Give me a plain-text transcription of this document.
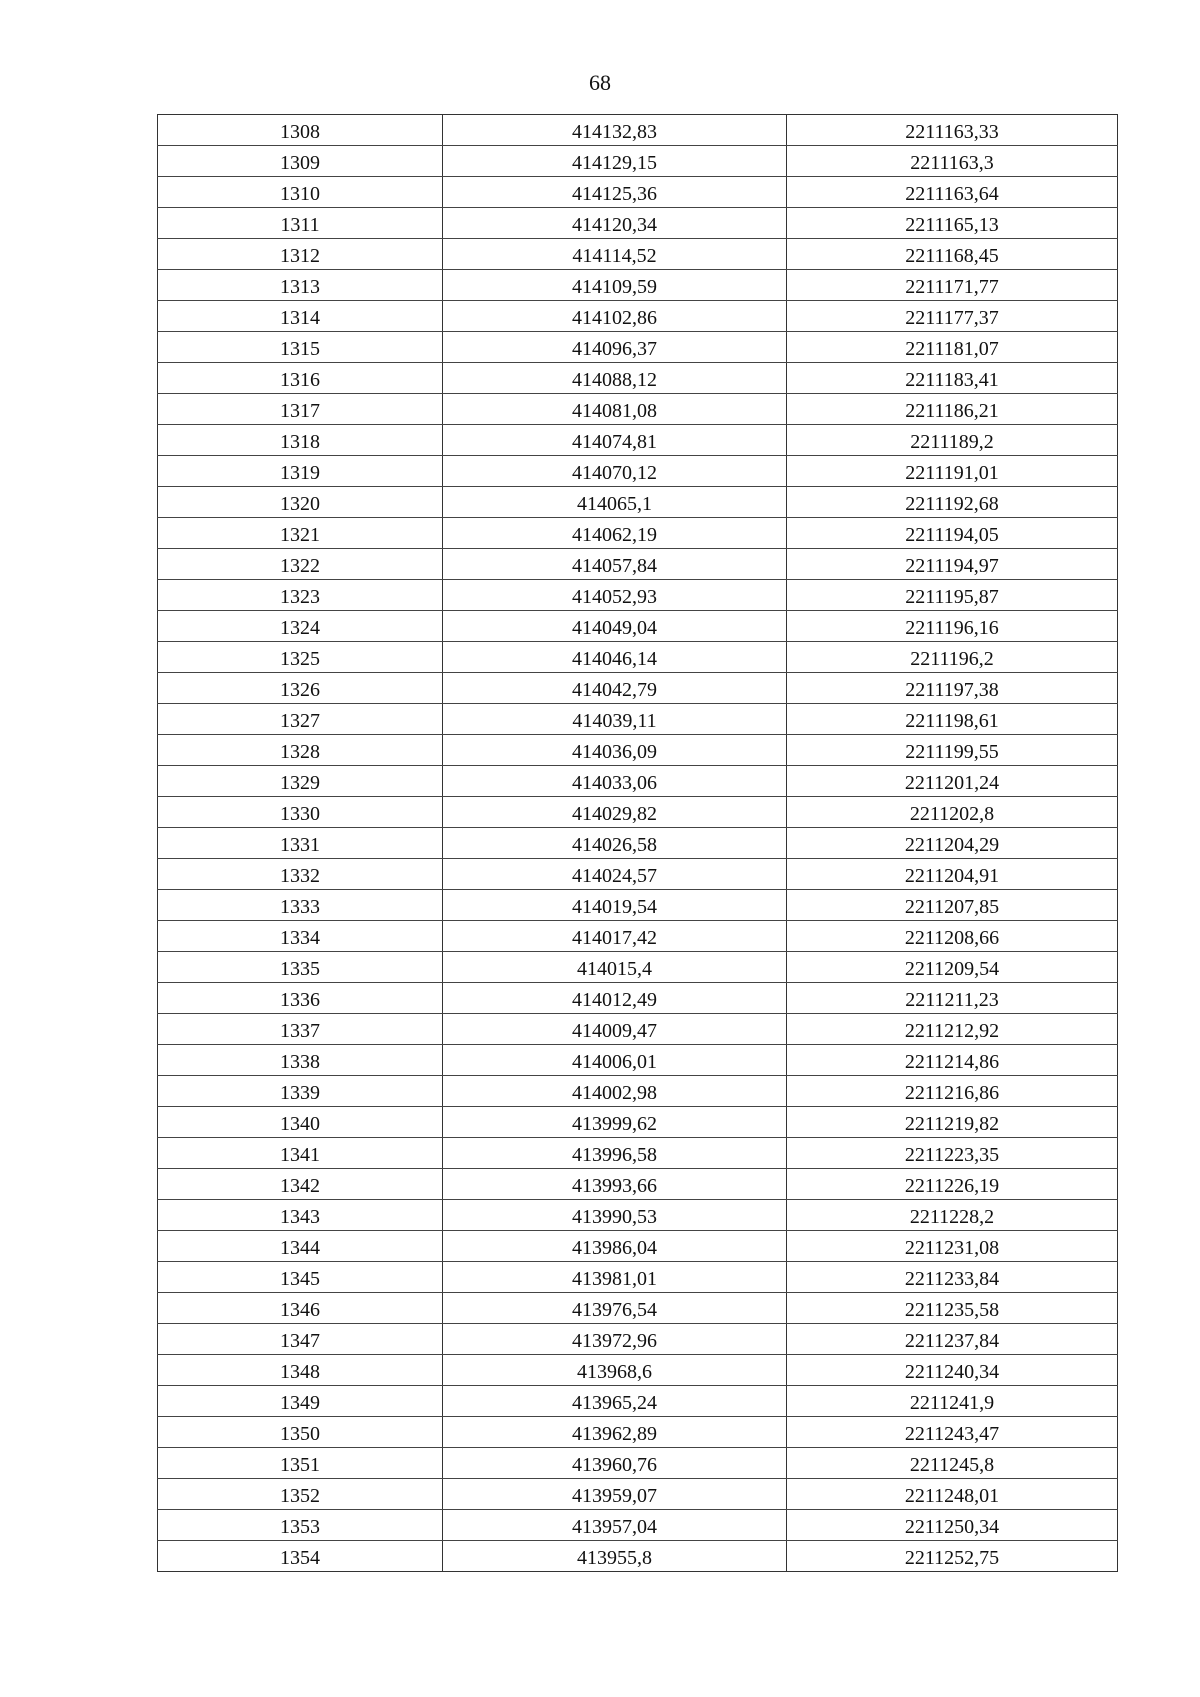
68
1308	414132,83	2211163,33
1309	414129,15	2211163,3
1310	414125,36	2211163,64
1311	414120,34	2211165,13
1312	414114,52	2211168,45
1313	414109,59	2211171,77
1314	414102,86	2211177,37
1315	414096,37	2211181,07
1316	414088,12	2211183,41
1317	414081,08	2211186,21
1318	414074,81	2211189,2
1319	414070,12	2211191,01
1320	414065,1	2211192,68
1321	414062,19	2211194,05
1322	414057,84	2211194,97
1323	414052,93	2211195,87
1324	414049,04	2211196,16
1325	414046,14	2211196,2
1326	414042,79	2211197,38
1327	414039,11	2211198,61
1328	414036,09	2211199,55
1329	414033,06	2211201,24
1330	414029,82	2211202,8
1331	414026,58	2211204,29
1332	414024,57	2211204,91
1333	414019,54	2211207,85
1334	414017,42	2211208,66
1335	414015,4	2211209,54
1336	414012,49	2211211,23
1337	414009,47	2211212,92
1338	414006,01	2211214,86
1339	414002,98	2211216,86
1340	413999,62	2211219,82
1341	413996,58	2211223,35
1342	413993,66	2211226,19
1343	413990,53	2211228,2
1344	413986,04	2211231,08
1345	413981,01	2211233,84
1346	413976,54	2211235,58
1347	413972,96	2211237,84
1348	413968,6	2211240,34
1349	413965,24	2211241,9
1350	413962,89	2211243,47
1351	413960,76	2211245,8
1352	413959,07	2211248,01
1353	413957,04	2211250,34
1354	413955,8	2211252,75
